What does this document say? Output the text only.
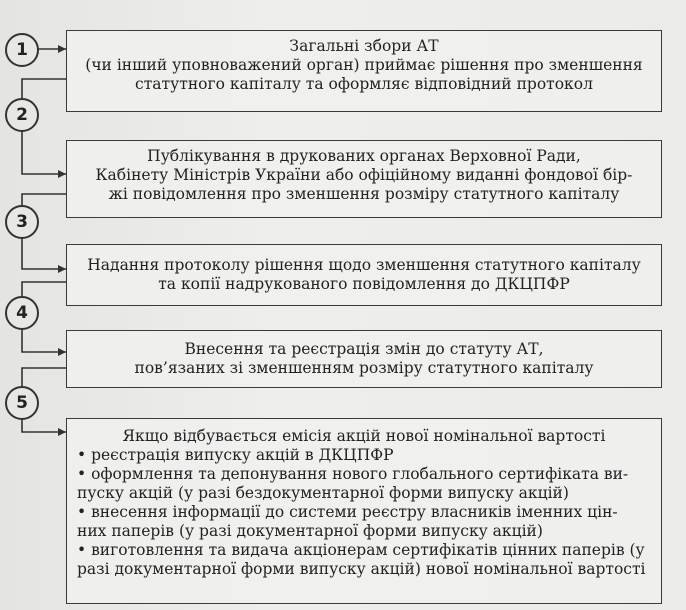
1	Загальні збори АТ
(чи інший уповноважений орган) приймає рішення про зменшення
статутного капіталу та оформляє відповідний протокол
2
Публікування в друкованих органах Верховної Ради,
Кабінету Міністрів України або офіційному виданні фондової бір-
жі повідомлення про зменшення розміру статутного капіталу
3
Надання протоколу рішення щодо зменшення статутного капіталу
та копії надрукованого повідомлення до ДКЦПФР
4
Внесення та реєстрація змін до статуту АТ,
пов’язаних зі зменшенням розміру статутного капіталу
5
Якщо відбувається емісія акцій нової номінальної вартості
• реєстрація випуску акцій в ДКЦПФР
• оформлення та депонування нового глобального сертифіката ви-
пуску акцій (у разі бездокументарної форми випуску акцій)
• внесення інформації до системи реєстру власників іменних цін-
них паперів (у разі документарної форми випуску акцій)
• виготовлення та видача акціонерам сертифікатів цінних паперів (у
разі документарної форми випуску акцій) нової номінальної вартості
